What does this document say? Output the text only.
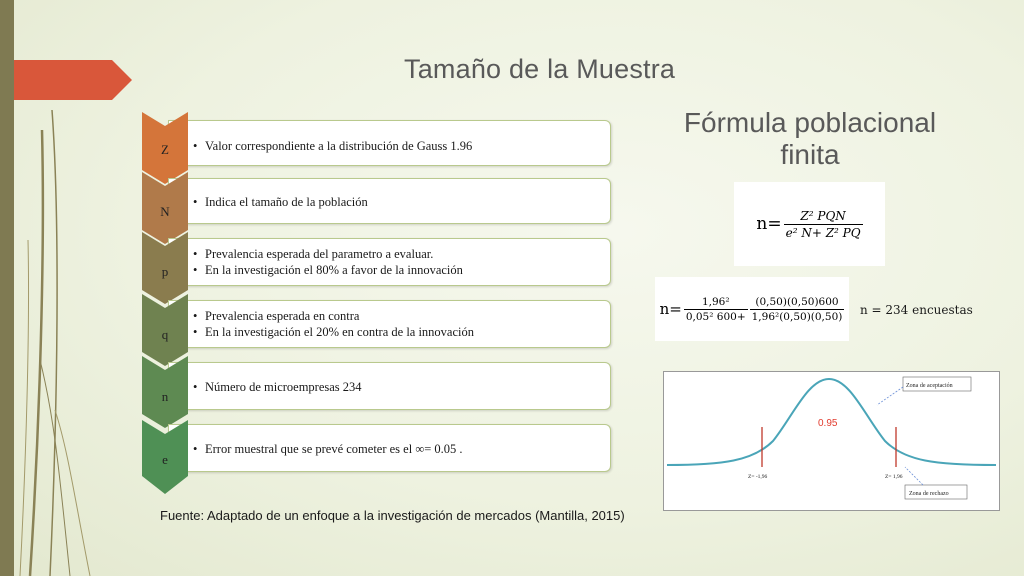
Tamaño de la Muestra
Fórmula poblacional finita
• Valor correspondiente a la distribución de Gauss 1.96
Z
• Indica el tamaño de la población
N
• Prevalencia esperada del parametro a evaluar.
• En la investigación el 80% a favor de la innovación
p
• Prevalencia esperada en contra
• En la investigación el 20% en contra de la innovación
q
• Número de microempresas 234
n
• Error muestral que se prevé cometer es el ∞= 0.05 .
e
$n= \frac{\text{Z² PQN}}{\text{e² N+ Z² PQ}}$
$n= \frac{\text{1,96²}}{\text{0,05² 600+}} \frac{(0,50)(0,50)600}{\text{1,96²(0,50)(0,50)}}$ n = 234 encuestas
0.95
Z= -1,96	Z= 1,96
Zona de aceptación
Zona de rechazo
Fuente: Adaptado de un enfoque a la investigación de mercados (Mantilla, 2015)
